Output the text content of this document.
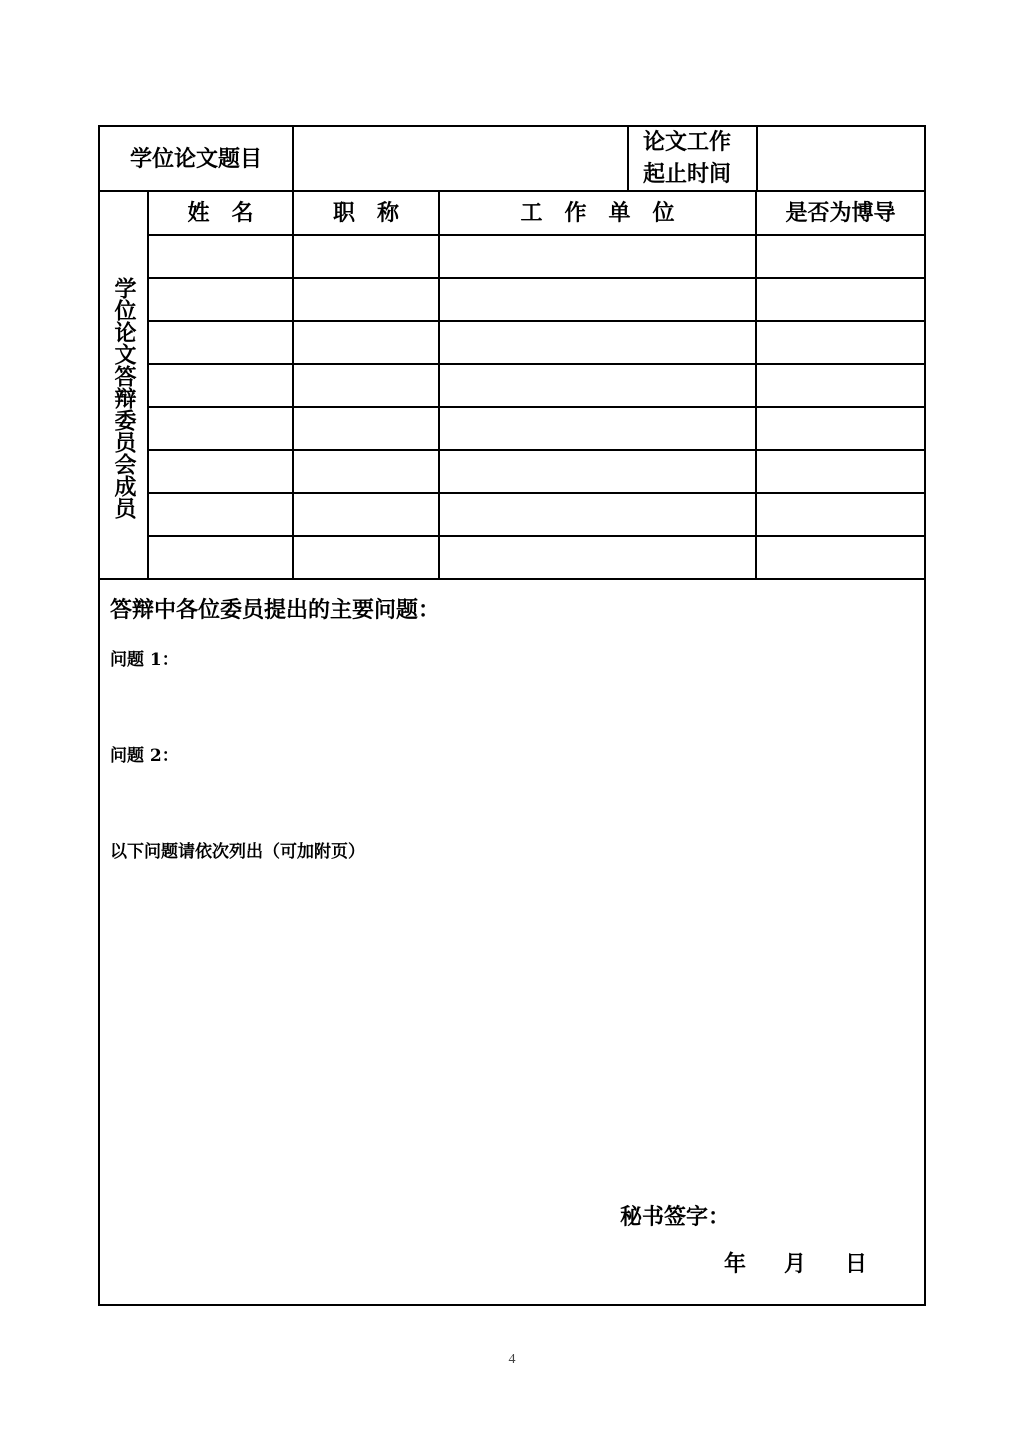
学位论文题目
论文工作
起止时间
学位论文答辩委员会成员
姓　名	职　称	工　作　单　位	是否为博导
答辩中各位委员提出的主要问题：
问题 1：
问题 2：
以下问题请依次列出（可加附页）
秘书签字：
年 月 日
4
